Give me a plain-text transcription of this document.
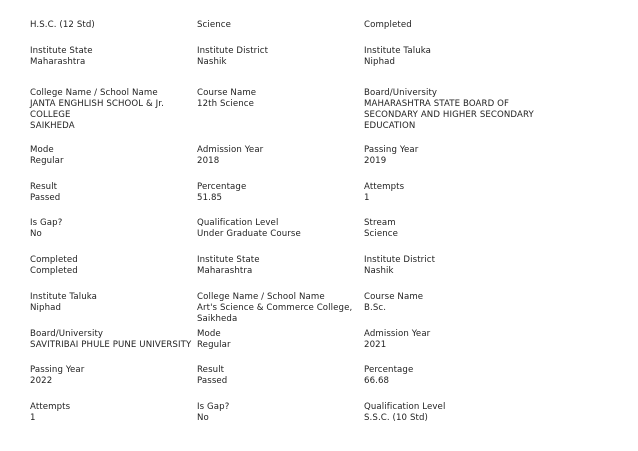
H.S.C. (12 Std)	Science	Completed
Institute State
Maharashtra
Institute District
Nashik
Institute Taluka
Niphad
College Name / School Name
JANTA ENGHLISH SCHOOL & Jr. COLLEGE
SAIKHEDA
Course Name
12th Science
Board/University
MAHARASHTRA STATE BOARD OF
SECONDARY AND HIGHER SECONDARY
EDUCATION
Mode
Regular
Admission Year
2018
Passing Year
2019
Result
Passed
Percentage
51.85
Attempts
1
Is Gap?
No
Qualification Level
Under Graduate Course
Stream
Science
Completed
Completed
Institute State
Maharashtra
Institute District
Nashik
Institute Taluka
Niphad
College Name / School Name
Art's Science & Commerce College, Saikheda
Course Name
B.Sc.
Board/University
SAVITRIBAI PHULE PUNE UNIVERSITY
Mode
Regular
Admission Year
2021
Passing Year
2022
Result
Passed
Percentage
66.68
Attempts
1
Is Gap?
No
Qualification Level
S.S.C. (10 Std)
